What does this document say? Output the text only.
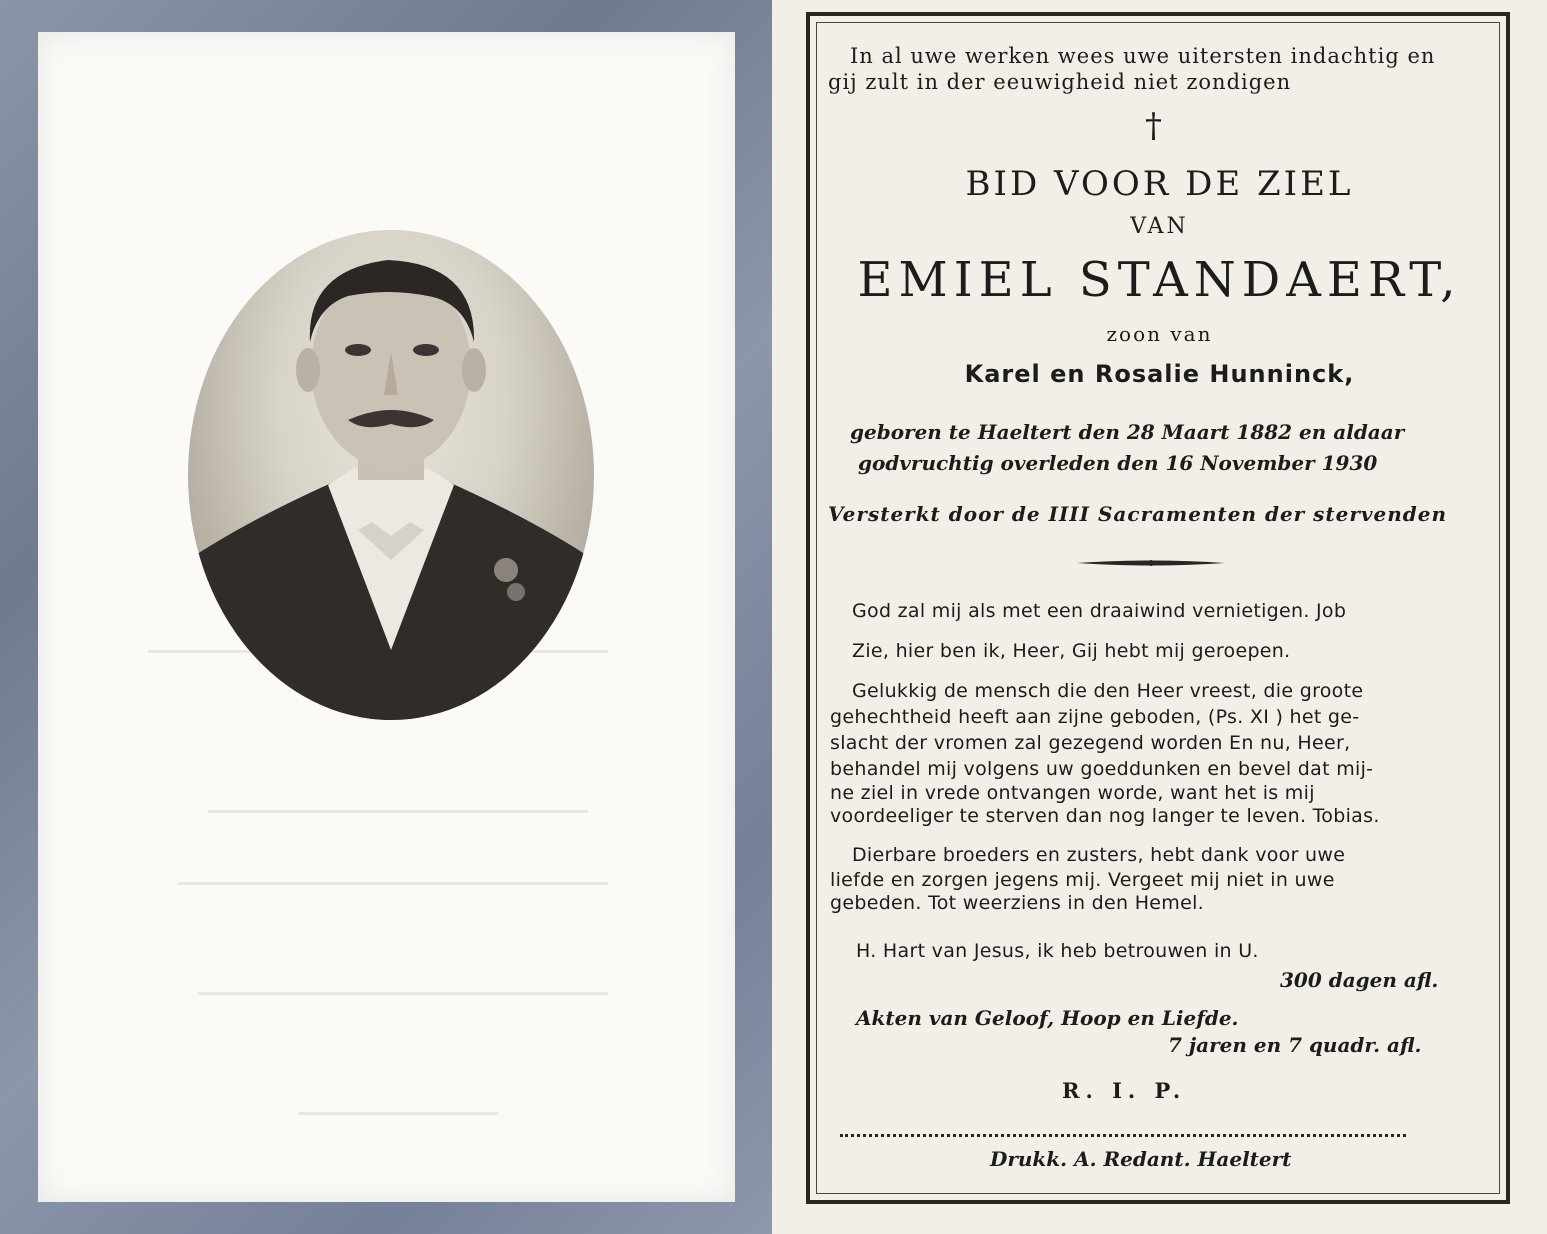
In al uwe werken wees uwe uitersten indachtig en
gij zult in der eeuwigheid niet zondigen
†
BID VOOR DE ZIEL
VAN
EMIEL STANDAERT,
zoon van
Karel en Rosalie Hunninck,
geboren te Haeltert den 28 Maart 1882 en aldaar
godvruchtig overleden den 16 November 1930
Versterkt door de IIII Sacramenten der stervenden
God zal mij als met een draaiwind vernietigen. Job
Zie, hier ben ik, Heer, Gij hebt mij geroepen.
Gelukkig de mensch die den Heer vreest, die groote
gehechtheid heeft aan zijne geboden, (Ps. XI ) het ge-
slacht der vromen zal gezegend worden En nu, Heer,
behandel mij volgens uw goeddunken en bevel dat mij-
ne ziel in vrede ontvangen worde, want het is mij
voordeeliger te sterven dan nog langer te leven. Tobias.
Dierbare broeders en zusters, hebt dank voor uwe
liefde en zorgen jegens mij. Vergeet mij niet in uwe
gebeden. Tot weerziens in den Hemel.
H. Hart van Jesus, ik heb betrouwen in U.
300 dagen afl.
Akten van Geloof, Hoop en Liefde.
7 jaren en 7 quadr. afl.
R. I. P.
Drukk. A. Redant. Haeltert
